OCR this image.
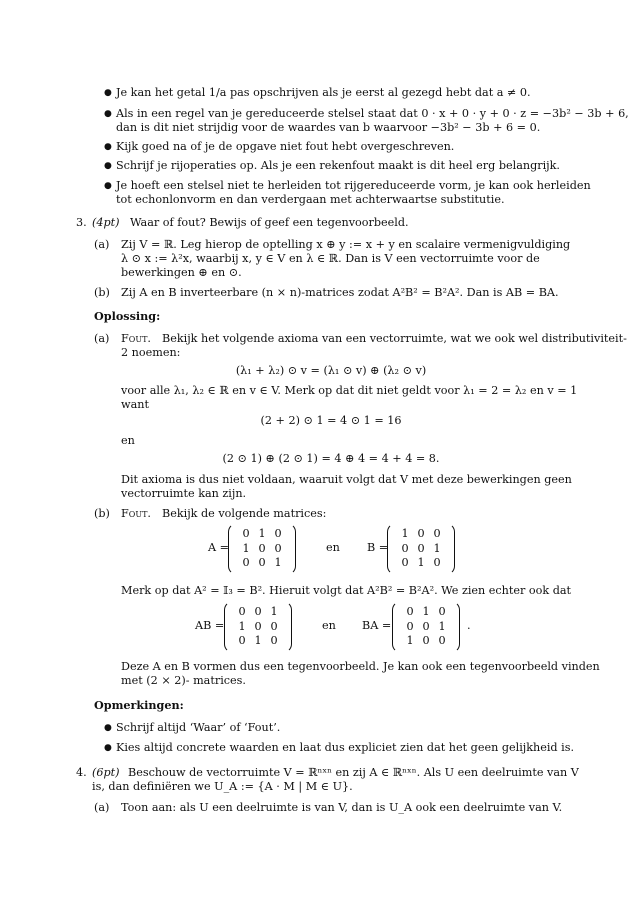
● Je kan het getal 1/a pas opschrijven als je eerst al gezegd hebt dat a ≠ 0.
● Als in een regel van je gereduceerde stelsel staat dat 0 · x + 0 · y + 0 · z = −3b² − 3b + 6,
dan is dit niet strijdig voor de waardes van b waarvoor −3b² − 3b + 6 = 0.
● Kijk goed na of je de opgave niet fout hebt overgeschreven.
● Schrijf je rijoperaties op. Als je een rekenfout maakt is dit heel erg belangrijk.
● Je hoeft een stelsel niet te herleiden tot rijgereduceerde vorm, je kan ook herleiden
tot echonlonvorm en dan verdergaan met achterwaartse substitutie.
3. (4pt) Waar of fout? Bewijs of geef een tegenvoorbeeld.
(a) Zij V = ℝ. Leg hierop de optelling x ⊕ y := x + y en scalaire vermenigvuldiging
λ ⊙ x := λ²x, waarbij x, y ∈ V en λ ∈ ℝ. Dan is V een vectorruimte voor de
bewerkingen ⊕ en ⊙.
(b) Zij A en B inverteerbare (n × n)-matrices zodat A²B² = B²A². Dan is AB = BA.
Oplossing:
(a) Fout. Bekijk het volgende axioma van een vectorruimte, wat we ook wel distributiviteit-
2 noemen:
(λ₁ + λ₂) ⊙ v = (λ₁ ⊙ v) ⊕ (λ₂ ⊙ v)
voor alle λ₁, λ₂ ∈ ℝ en v ∈ V. Merk op dat dit niet geldt voor λ₁ = 2 = λ₂ en v = 1
want
(2 + 2) ⊙ 1 = 4 ⊙ 1 = 16
en
(2 ⊙ 1) ⊕ (2 ⊙ 1) = 4 ⊕ 4 = 4 + 4 = 8.
Dit axioma is dus niet voldaan, waaruit volgt dat V met deze bewerkingen geen
vectorruimte kan zijn.
(b) Fout. Bekijk de volgende matrices:
A =
0 1 0
1 0 0
0 0 1
en B =
1 0 0
0 0 1
0 1 0
Merk op dat A² = 𝕀₃ = B². Hieruit volgt dat A²B² = B²A². We zien echter ook dat
AB =
0 0 1
1 0 0
0 1 0
en BA =
0 1 0
0 0 1
1 0 0
.
Deze A en B vormen dus een tegenvoorbeeld. Je kan ook een tegenvoorbeeld vinden
met (2 × 2)- matrices.
Opmerkingen:
● Schrijf altijd ‘Waar’ of ‘Fout’.
● Kies altijd concrete waarden en laat dus expliciet zien dat het geen gelijkheid is.
4. (6pt) Beschouw de vectorruimte V = ℝⁿˣⁿ en zij A ∈ ℝⁿˣⁿ. Als U een deelruimte van V
is, dan definiëren we U_A := {A · M | M ∈ U}.
(a) Toon aan: als U een deelruimte is van V, dan is U_A ook een deelruimte van V.
